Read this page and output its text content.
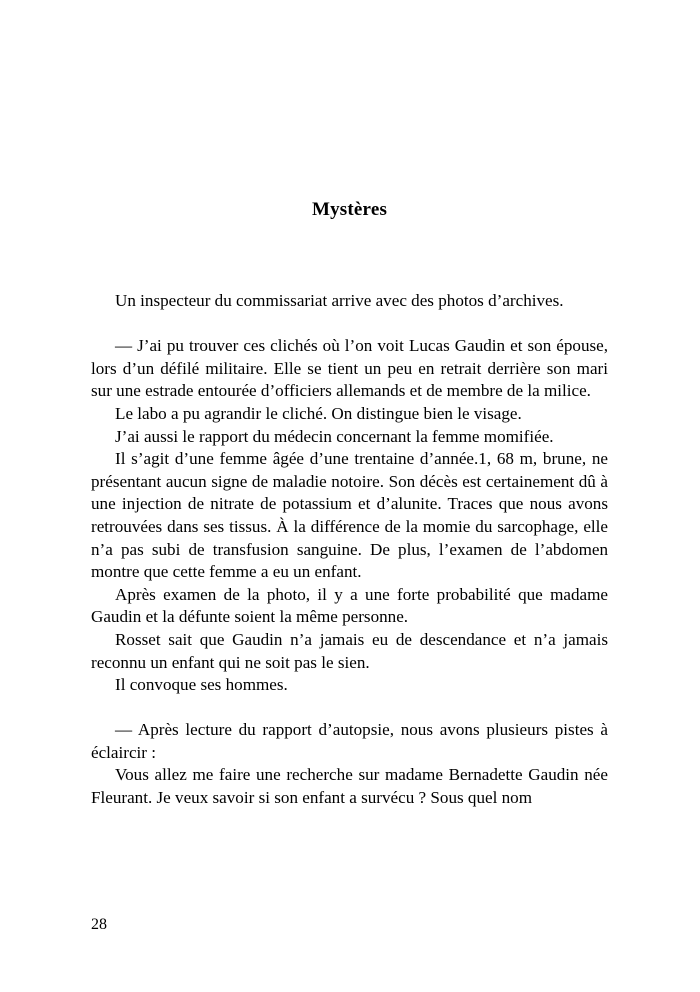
Mystères

Un inspecteur du commissariat arrive avec des photos d’archives.

— J’ai pu trouver ces clichés où l’on voit Lucas Gaudin et son épouse, lors d’un défilé militaire. Elle se tient un peu en retrait derrière son mari sur une estrade entourée d’officiers allemands et de membre de la milice.

Le labo a pu agrandir le cliché. On distingue bien le visage.

J’ai aussi le rapport du médecin concernant la femme momifiée.

Il s’agit d’une femme âgée d’une trentaine d’année.1, 68 m, brune, ne présentant aucun signe de maladie notoire. Son décès est certainement dû à une injection de nitrate de potassium et d’alunite. Traces que nous avons retrouvées dans ses tissus. À la différence de la momie du sarcophage, elle n’a pas subi de transfusion sanguine. De plus, l’examen de l’abdomen montre que cette femme a eu un enfant.

Après examen de la photo, il y a une forte probabilité que madame Gaudin et la défunte soient la même personne.

Rosset sait que Gaudin n’a jamais eu de descendance et n’a jamais reconnu un enfant qui ne soit pas le sien.

Il convoque ses hommes.

— Après lecture du rapport d’autopsie, nous avons plusieurs pistes à éclaircir :

Vous allez me faire une recherche sur madame Bernadette Gaudin née Fleurant. Je veux savoir si son enfant a survécu ? Sous quel nom

28
